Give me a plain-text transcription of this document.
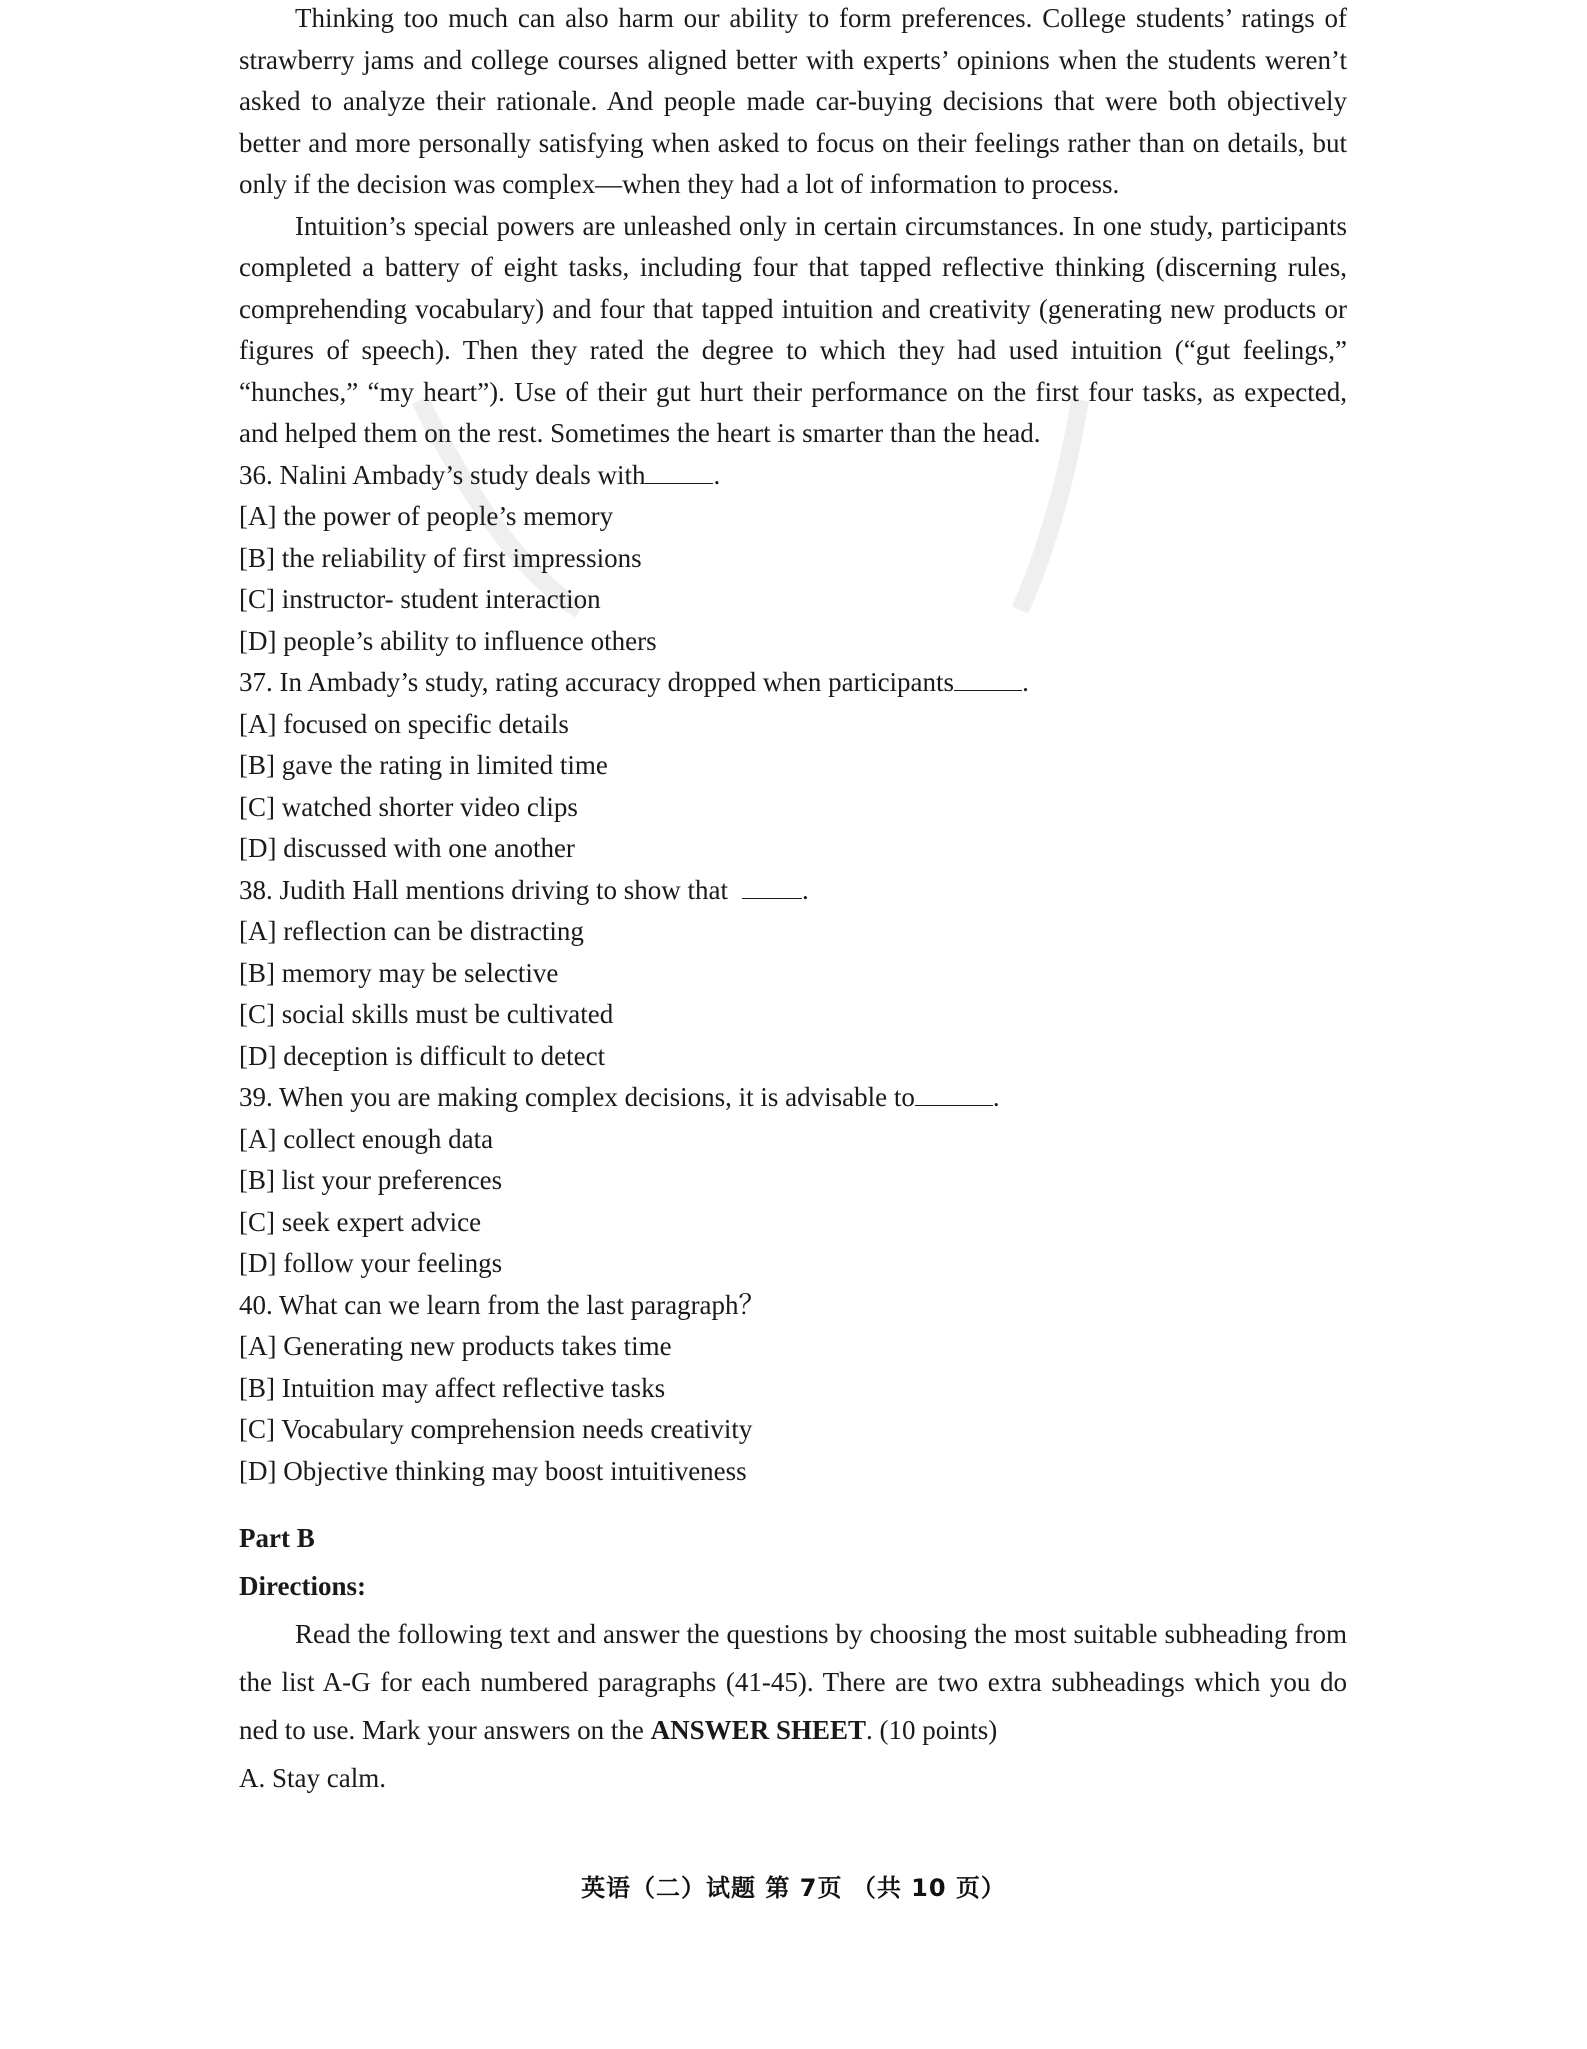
Thinking too much can also harm our ability to form preferences. College students’ ratings of strawberry jams and college courses aligned better with experts’ opinions when the students weren’t asked to analyze their rationale. And people made car-buying decisions that were both objectively better and more personally satisfying when asked to focus on their feelings rather than on details, but only if the decision was complex—when they had a lot of information to process.

Intuition’s special powers are unleashed only in certain circumstances. In one study, participants completed a battery of eight tasks, including four that tapped reflective thinking (discerning rules, comprehending vocabulary) and four that tapped intuition and creativity (generating new products or figures of speech). Then they rated the degree to which they had used intuition (“gut feelings,” “hunches,” “my heart”). Use of their gut hurt their performance on the first four tasks, as expected, and helped them on the rest. Sometimes the heart is smarter than the head.

36. Nalini Ambady’s study deals with	.

[A] the power of people’s memory

[B] the reliability of first impressions

[C] instructor- student interaction

[D] people’s ability to influence others

37. In Ambady’s study, rating accuracy dropped when participants	.

[A] focused on specific details

[B] gave the rating in limited time

[C] watched shorter video clips

[D] discussed with one another

38. Judith Hall mentions driving to show that	.

[A] reflection can be distracting

[B] memory may be selective

[C] social skills must be cultivated

[D] deception is difficult to detect

39. When you are making complex decisions, it is advisable to	.

[A] collect enough data

[B] list your preferences

[C] seek expert advice

[D] follow your feelings

40. What can we learn from the last paragraph？

[A] Generating new products takes time

[B] Intuition may affect reflective tasks

[C] Vocabulary comprehension needs creativity

[D] Objective thinking may boost intuitiveness

Part B

Directions:

Read the following text and answer the questions by choosing the most suitable subheading from the list A-G for each numbered paragraphs (41-45). There are two extra subheadings which you do ned to use. Mark your answers on the ANSWER SHEET. (10 points)

A. Stay calm.

英语（二）试题 第 7页 （共 10 页）
